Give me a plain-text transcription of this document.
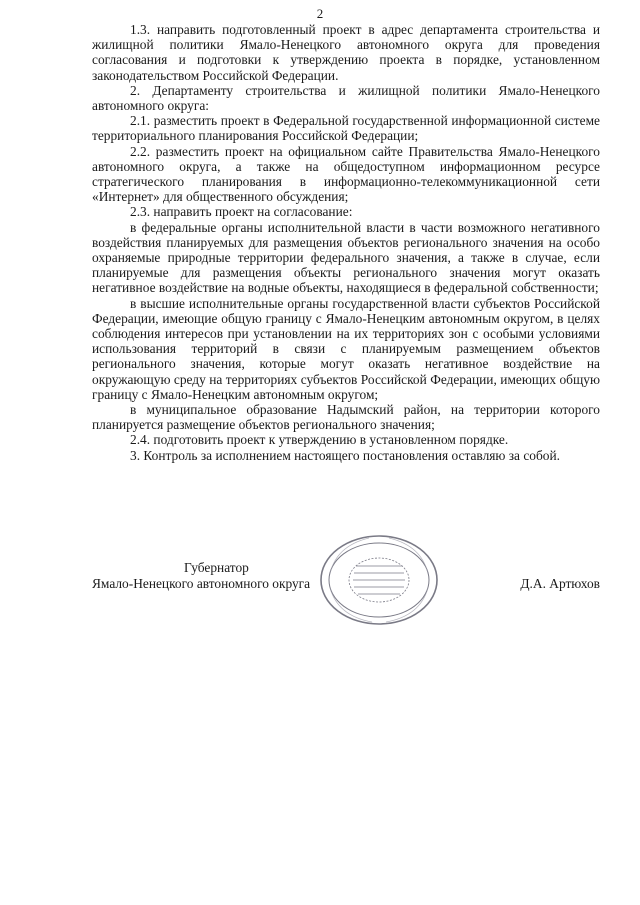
2

1.3. направить подготовленный проект в адрес департамента строительства и жилищной политики Ямало-Ненецкого автономного округа для проведения согласования и подготовки к утверждению проекта в порядке, установленном законодательством Российской Федерации.

2. Департаменту строительства и жилищной политики Ямало-Ненецкого автономного округа:

2.1. разместить проект в Федеральной государственной информационной системе территориального планирования Российской Федерации;

2.2. разместить проект на официальном сайте Правительства Ямало-Ненецкого автономного округа, а также на общедоступном информационном ресурсе стратегического планирования в информационно-телекоммуникационной сети «Интернет» для общественного обсуждения;

2.3. направить проект на согласование:

в федеральные органы исполнительной власти в части возможного негативного воздействия планируемых для размещения объектов регионального значения на особо охраняемые природные территории федерального значения, а также в случае, если планируемые для размещения объекты регионального значения могут оказать негативное воздействие на водные объекты, находящиеся в федеральной собственности;

в высшие исполнительные органы государственной власти субъектов Российской Федерации, имеющие общую границу с Ямало-Ненецким автономным округом, в целях соблюдения интересов при установлении на их территориях зон с особыми условиями использования территорий в связи с планируемым размещением объектов регионального значения, которые могут оказать негативное воздействие на окружающую среду на территориях субъектов Российской Федерации, имеющих общую границу с Ямало-Ненецким автономным округом;

в муниципальное образование Надымский район, на территории которого планируется размещение объектов регионального значения;

2.4. подготовить проект к утверждению в установленном порядке.

3. Контроль за исполнением настоящего постановления оставляю за собой.

Губернатор
Ямало-Ненецкого автономного округа	Д.А. Артюхов
